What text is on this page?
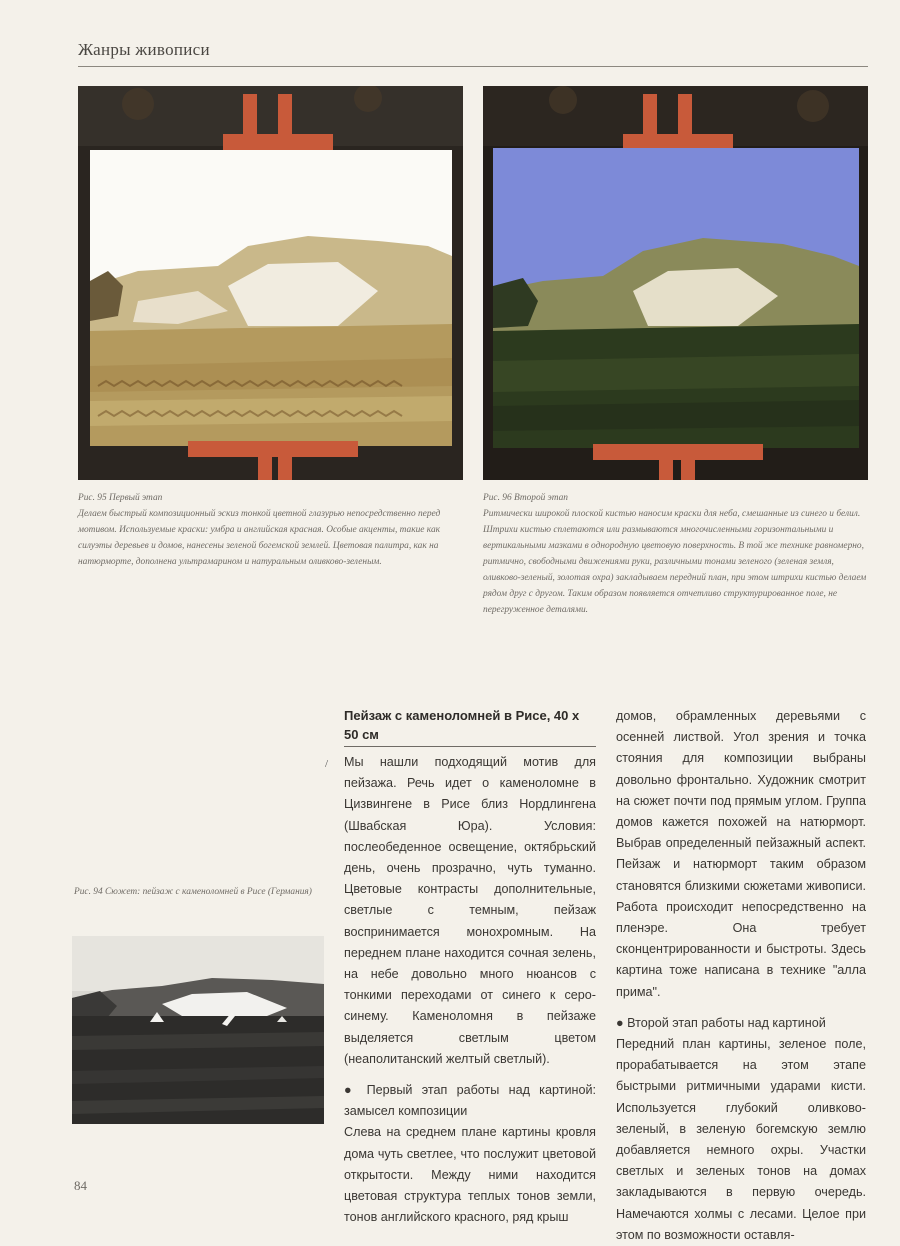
Жанры живописи
Рис. 95 Первый этап
Делаем быстрый композиционный эскиз тонкой цветной глазурью непосредственно перед мотивом. Используемые краски: умбра и английская красная. Особые акценты, такие как силуэты деревьев и домов, нанесены зеленой богемской землей. Цветовая палитра, как на натюрморте, дополнена ультрамарином и натуральным оливково-зеленым.
Рис. 96 Второй этап
Ритмически широкой плоской кистью наносим краски для неба, смешанные из синего и белил. Штрихи кистью сплетаются или размываются многочисленными горизонтальными и вертикальными мазками в однородную цветовую поверхность. В той же технике равномерно, ритмично, свободными движениями руки, различными тонами зеленого (зеленая земля, оливково-зеленый, золотая охра) закладываем передний план, при этом штрихи кистью делаем рядом друг с другом. Таким образом появляется отчетливо структурированное поле, не перегруженное деталями.
/
Рис. 94 Сюжет: пейзаж с каменоломней в Рисе (Германия)
Пейзаж с каменоломней в Рисе, 40 х 50 см

Мы нашли подходящий мотив для пейзажа. Речь идет о каменоломне в Цизвингене в Рисе близ Нордлингена (Швабская Юра). Условия: послеобеденное освещение, октябрьский день, очень прозрачно, чуть туманно. Цветовые контрасты дополнительные, светлые с темным, пейзаж воспринимается монохромным. На переднем плане находится сочная зелень, на небе довольно много нюансов с тонкими переходами от синего к серо-синему. Каменоломня в пейзаже выделяется светлым цветом (неаполитанский желтый светлый).

● Первый этап работы над картиной: замысел композиции

Слева на среднем плане картины кровля дома чуть светлее, что послужит цветовой открытости. Между ними находится цветовая структура теплых тонов земли, тонов английского красного, ряд крыш

домов, обрамленных деревьями с осенней листвой. Угол зрения и точка стояния для композиции выбраны довольно фронтально. Художник смотрит на сюжет почти под прямым углом. Группа домов кажется похожей на натюрморт. Выбрав определенный пейзажный аспект. Пейзаж и натюрморт таким образом становятся близкими сюжетами живописи. Работа происходит непосредственно на пленэре. Она требует сконцентрированности и быстроты. Здесь картина тоже написана в технике "алла прима".

● Второй этап работы над картиной

Передний план картины, зеленое поле, прорабатывается на этом этапе быстрыми ритмичными ударами кисти. Используется глубокий оливково-зеленый, в зеленую богемскую землю добавляется немного охры. Участки светлых и зеленых тонов на домах закладываются в первую очередь. Намечаются холмы с лесами. Целое при этом по возможности оставля-

84
